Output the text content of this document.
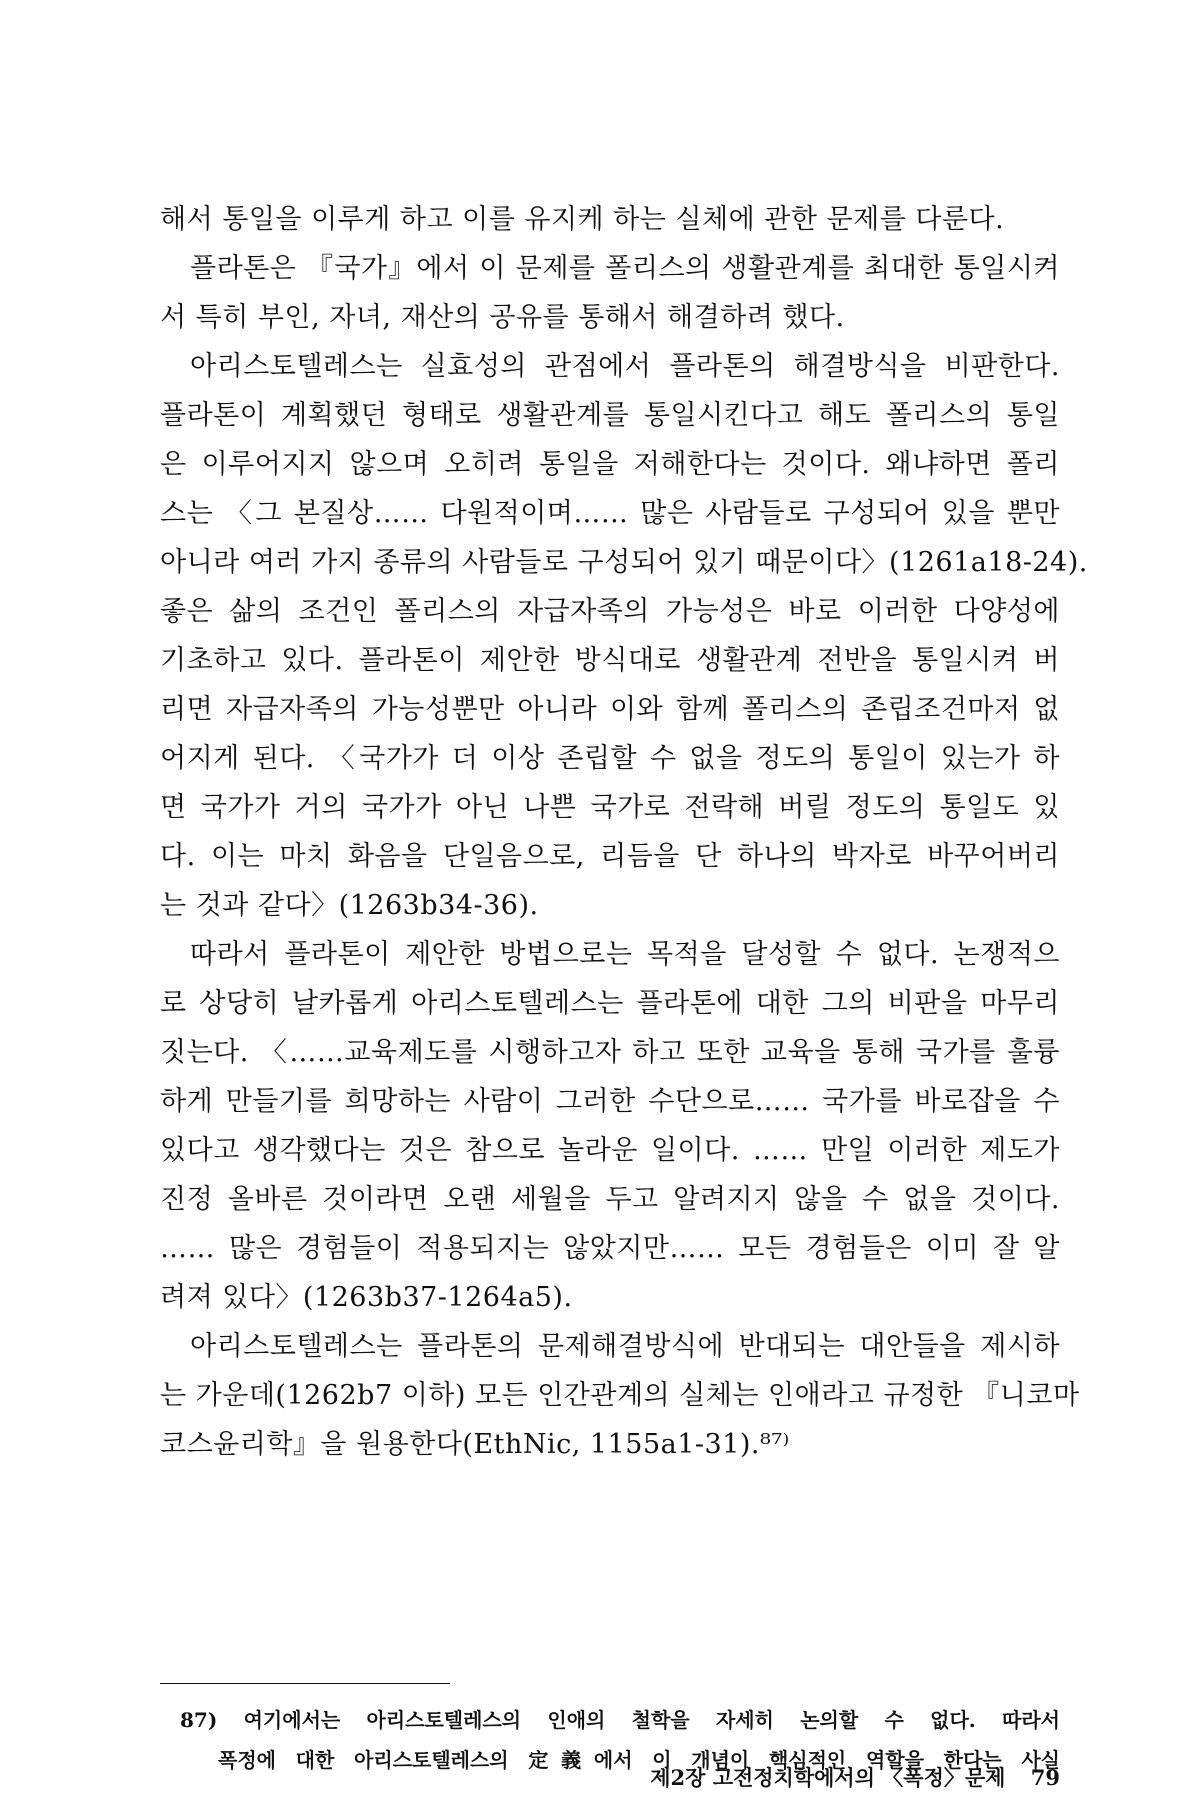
해서 통일을 이루게 하고 이를 유지케 하는 실체에 관한 문제를 다룬다.
플라톤은 『국가』에서 이 문제를 폴리스의 생활관계를 최대한 통일시켜
서 특히 부인, 자녀, 재산의 공유를 통해서 해결하려 했다.
아리스토텔레스는 실효성의 관점에서 플라톤의 해결방식을 비판한다.
플라톤이 계획했던 형태로 생활관계를 통일시킨다고 해도 폴리스의 통일
은 이루어지지 않으며 오히려 통일을 저해한다는 것이다. 왜냐하면 폴리
스는 〈그 본질상…… 다원적이며…… 많은 사람들로 구성되어 있을 뿐만
아니라 여러 가지 종류의 사람들로 구성되어 있기 때문이다〉(1261a18-24).
좋은 삶의 조건인 폴리스의 자급자족의 가능성은 바로 이러한 다양성에
기초하고 있다. 플라톤이 제안한 방식대로 생활관계 전반을 통일시켜 버
리면 자급자족의 가능성뿐만 아니라 이와 함께 폴리스의 존립조건마저 없
어지게 된다. 〈국가가 더 이상 존립할 수 없을 정도의 통일이 있는가 하
면 국가가 거의 국가가 아닌 나쁜 국가로 전락해 버릴 정도의 통일도 있
다. 이는 마치 화음을 단일음으로, 리듬을 단 하나의 박자로 바꾸어버리
는 것과 같다〉(1263b34-36).
따라서 플라톤이 제안한 방법으로는 목적을 달성할 수 없다. 논쟁적으
로 상당히 날카롭게 아리스토텔레스는 플라톤에 대한 그의 비판을 마무리
짓는다. 〈……교육제도를 시행하고자 하고 또한 교육을 통해 국가를 훌륭
하게 만들기를 희망하는 사람이 그러한 수단으로…… 국가를 바로잡을 수
있다고 생각했다는 것은 참으로 놀라운 일이다. …… 만일 이러한 제도가
진정 올바른 것이라면 오랜 세월을 두고 알려지지 않을 수 없을 것이다.
…… 많은 경험들이 적용되지는 않았지만…… 모든 경험들은 이미 잘 알
려져 있다〉(1263b37-1264a5).
아리스토텔레스는 플라톤의 문제해결방식에 반대되는 대안들을 제시하
는 가운데(1262b7 이하) 모든 인간관계의 실체는 인애라고 규정한 『니코마
코스윤리학』을 원용한다(EthNic, 1155a1-31).⁸⁷⁾
87) 여기에서는 아리스토텔레스의 인애의 철학을 자세히 논의할 수 없다. 따라서
폭정에 대한 아리스토텔레스의 定義에서 이 개념이 핵심적인 역할을 한다는 사실
제2장 고전정치학에서의 〈폭정〉문제 79
